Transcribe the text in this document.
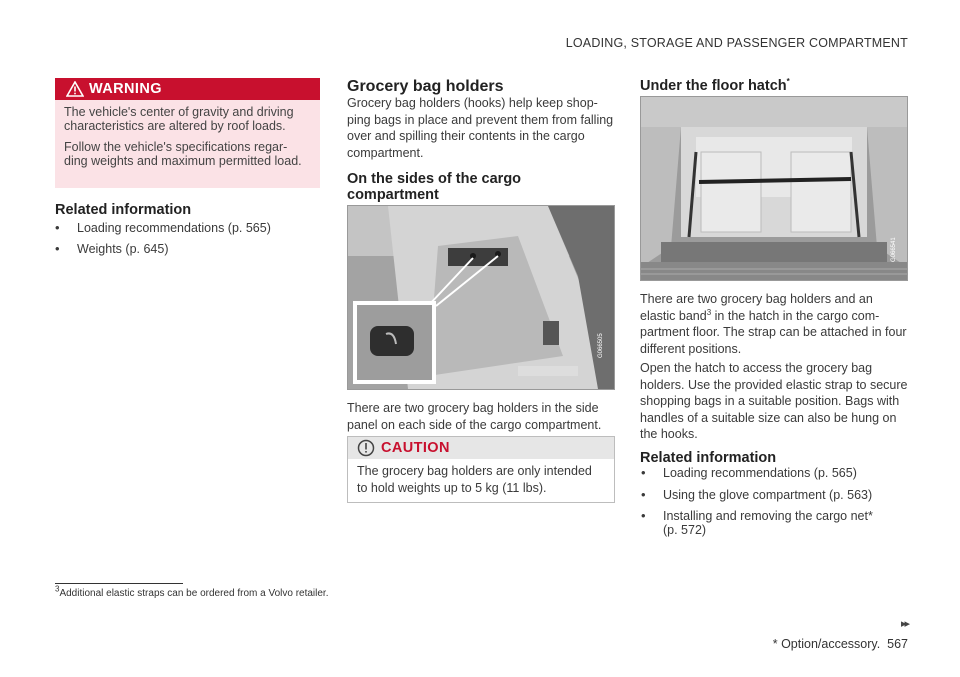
LOADING, STORAGE AND PASSENGER COMPARTMENT
WARNING

The vehicle's center of gravity and driving characteristics are altered by roof loads.

Follow the vehicle's specifications regar-ding weights and maximum permitted load.

Related information
• Loading recommendations (p. 565)
• Weights (p. 645)
Grocery bag holders
Grocery bag holders (hooks) help keep shop-ping bags in place and prevent them from falling over and spilling their contents in the cargo compartment.
On the sides of the cargo compartment
G066505
There are two grocery bag holders in the side panel on each side of the cargo compartment.
CAUTION
The grocery bag holders are only intended to hold weights up to 5 kg (11 lbs).
Under the floor hatch*
G066541
There are two grocery bag holders and an elastic band$^3$ in the hatch in the cargo com-partment floor. The strap can be attached in four different positions.
Open the hatch to access the grocery bag holders. Use the provided elastic strap to secure shopping bags in a suitable position. Bags with handles of a suitable size can also be hung on the hooks.
Related information
• Loading recommendations (p. 565)
• Using the glove compartment (p. 563)
• Installing and removing the cargo net*
(p. 572)
$^3$Additional elastic straps can be ordered from a Volvo retailer.
▸▸
* Option/accessory. 567
